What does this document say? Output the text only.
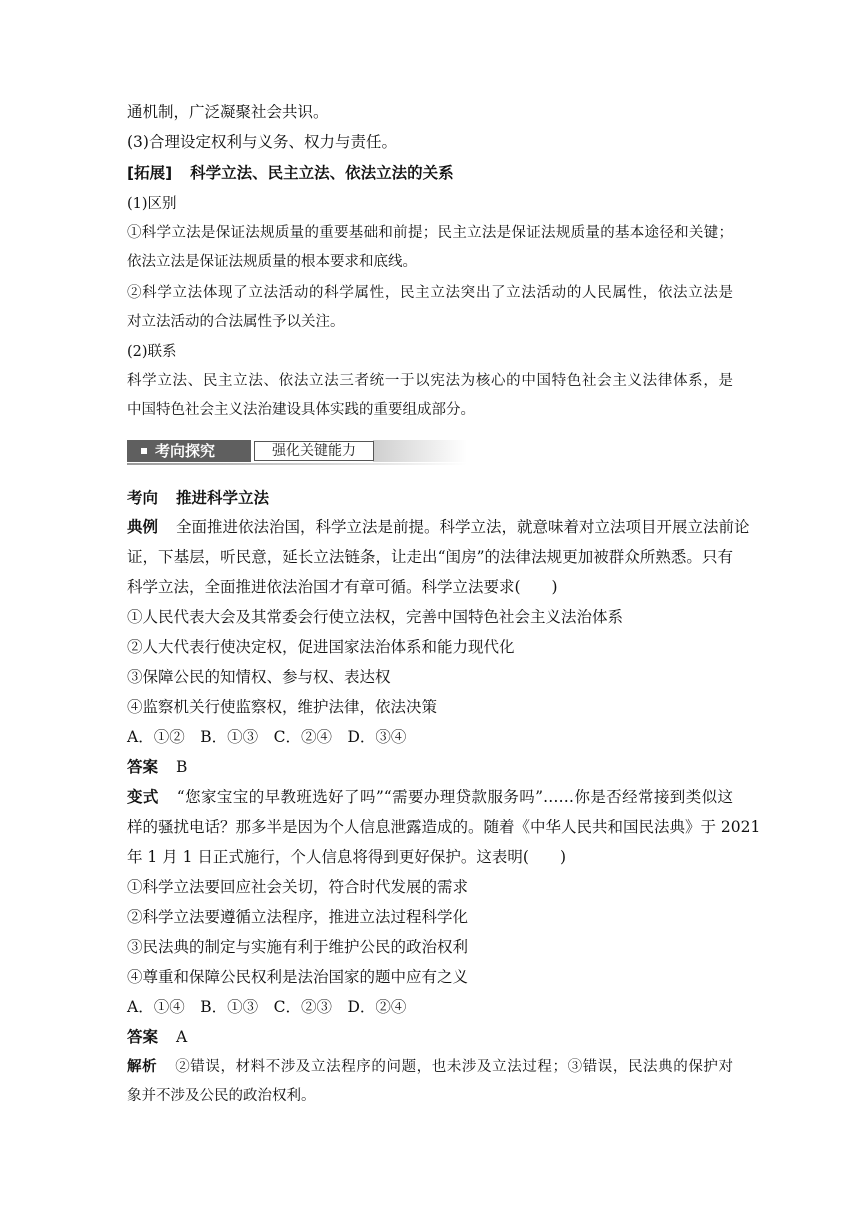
通机制，广泛凝聚社会共识。
(3)合理设定权利与义务、权力与责任。
[拓展] 科学立法、民主立法、依法立法的关系
(1)区别
①科学立法是保证法规质量的重要基础和前提；民主立法是保证法规质量的基本途径和关键；
依法立法是保证法规质量的根本要求和底线。
②科学立法体现了立法活动的科学属性，民主立法突出了立法活动的人民属性，依法立法是
对立法活动的合法属性予以关注。
(2)联系
科学立法、民主立法、依法立法三者统一于以宪法为核心的中国特色社会主义法律体系，是
中国特色社会主义法治建设具体实践的重要组成部分。
考向探究	强化关键能力
考向 推进科学立法
典例 全面推进依法治国，科学立法是前提。科学立法，就意味着对立法项目开展立法前论
证，下基层，听民意，延长立法链条，让走出“闺房”的法律法规更加被群众所熟悉。只有
科学立法，全面推进依法治国才有章可循。科学立法要求(　　)
①人民代表大会及其常委会行使立法权，完善中国特色社会主义法治体系
②人大代表行使决定权，促进国家法治体系和能力现代化
③保障公民的知情权、参与权、表达权
④监察机关行使监察权，维护法律，依法决策
A．①②　B．①③　C．②④　D．③④
答案 B
变式 “您家宝宝的早教班选好了吗”“需要办理贷款服务吗”……你是否经常接到类似这
样的骚扰电话？那多半是因为个人信息泄露造成的。随着《中华人民共和国民法典》于 2021
年 1 月 1 日正式施行，个人信息将得到更好保护。这表明(　　)
①科学立法要回应社会关切，符合时代发展的需求
②科学立法要遵循立法程序，推进立法过程科学化
③民法典的制定与实施有利于维护公民的政治权利
④尊重和保障公民权利是法治国家的题中应有之义
A．①④　B．①③　C．②③　D．②④
答案 A
解析 ②错误，材料不涉及立法程序的问题，也未涉及立法过程；③错误，民法典的保护对
象并不涉及公民的政治权利。
